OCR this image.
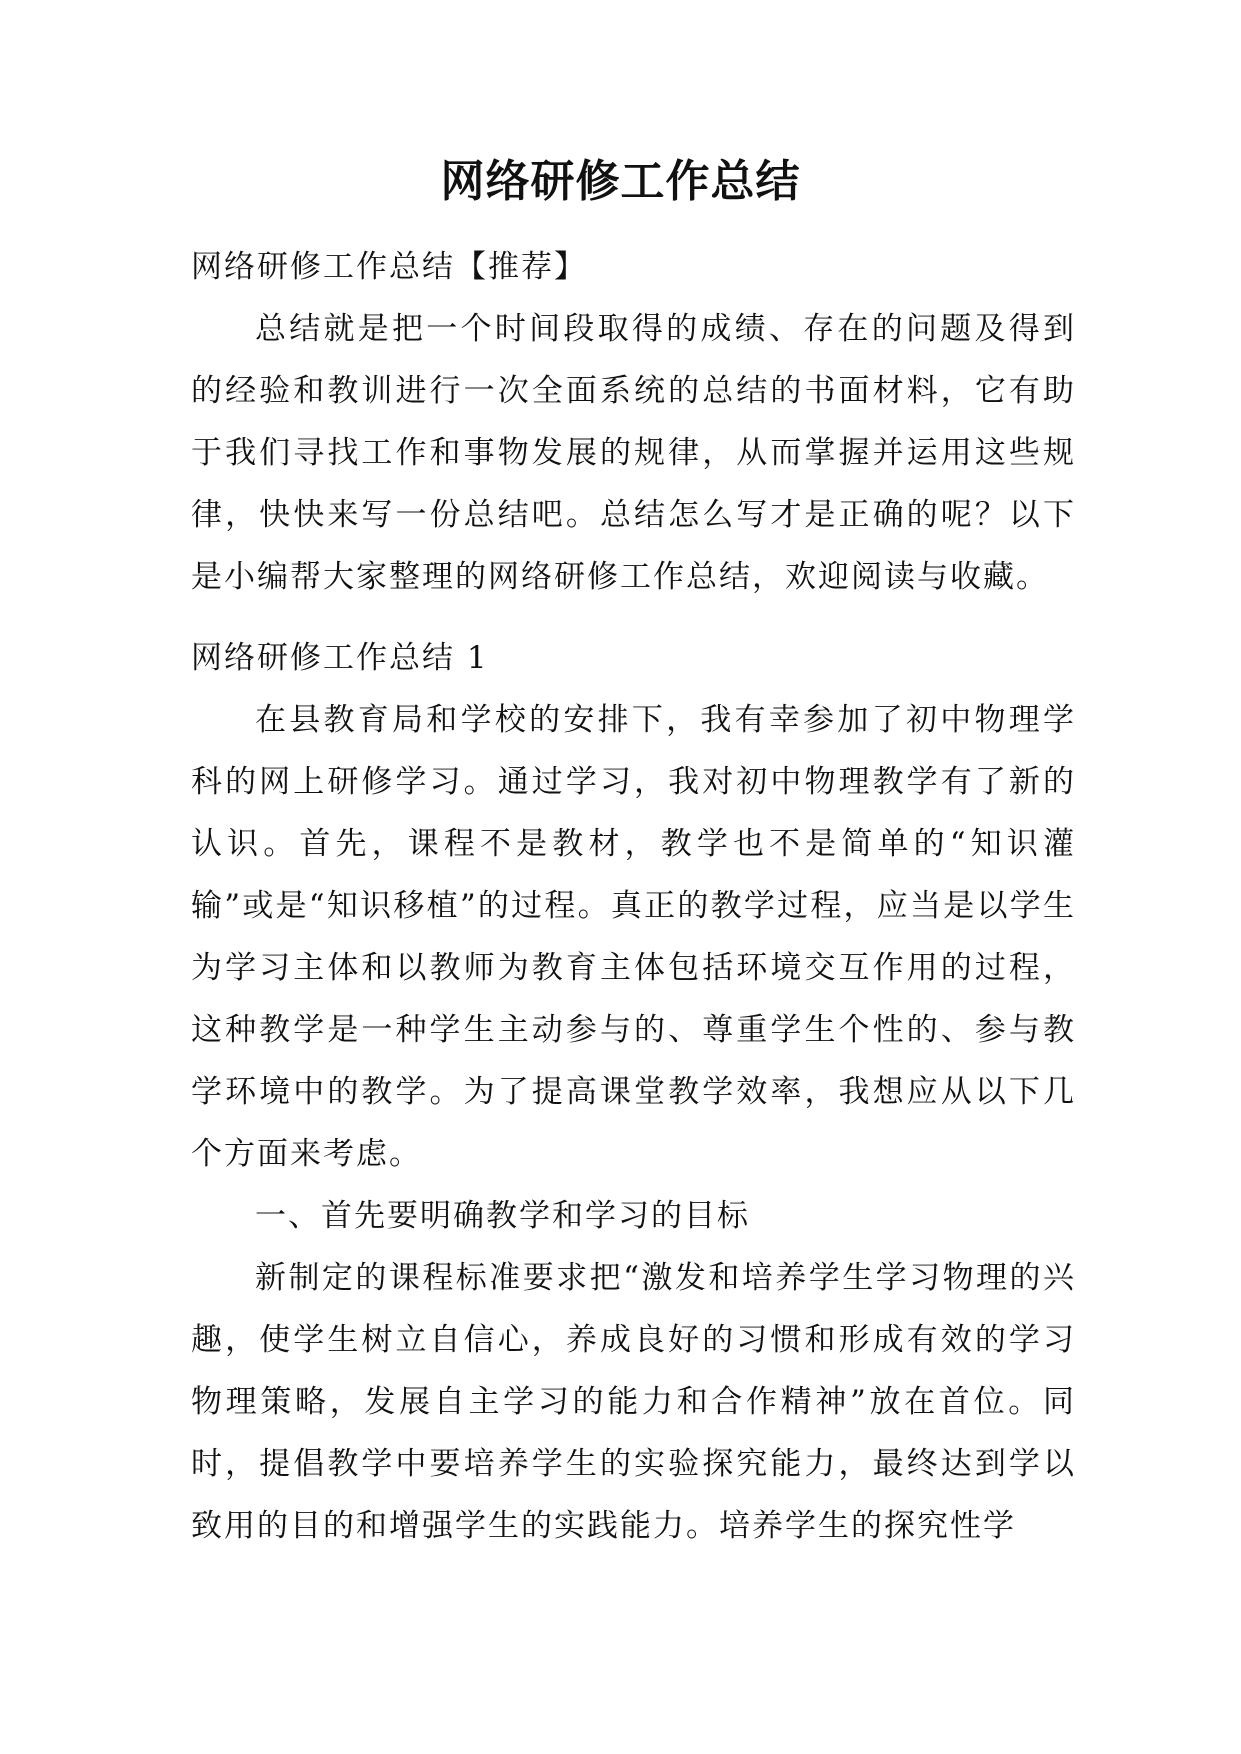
网络研修工作总结

网络研修工作总结【推荐】

总结就是把一个时间段取得的成绩、存在的问题及得到的经验和教训进行一次全面系统的总结的书面材料，它有助于我们寻找工作和事物发展的规律，从而掌握并运用这些规律，快快来写一份总结吧。总结怎么写才是正确的呢？以下是小编帮大家整理的网络研修工作总结，欢迎阅读与收藏。

网络研修工作总结 1

在县教育局和学校的安排下，我有幸参加了初中物理学科的网上研修学习。通过学习，我对初中物理教学有了新的认识。首先，课程不是教材，教学也不是简单的“知识灌输”或是“知识移植”的过程。真正的教学过程，应当是以学生为学习主体和以教师为教育主体包括环境交互作用的过程，这种教学是一种学生主动参与的、尊重学生个性的、参与教学环境中的教学。为了提高课堂教学效率，我想应从以下几个方面来考虑。

一、首先要明确教学和学习的目标

新制定的课程标准要求把“激发和培养学生学习物理的兴趣，使学生树立自信心，养成良好的习惯和形成有效的学习物理策略，发展自主学习的能力和合作精神”放在首位。同时，提倡教学中要培养学生的实验探究能力，最终达到学以致用的目的和增强学生的实践能力。培养学生的探究性学
